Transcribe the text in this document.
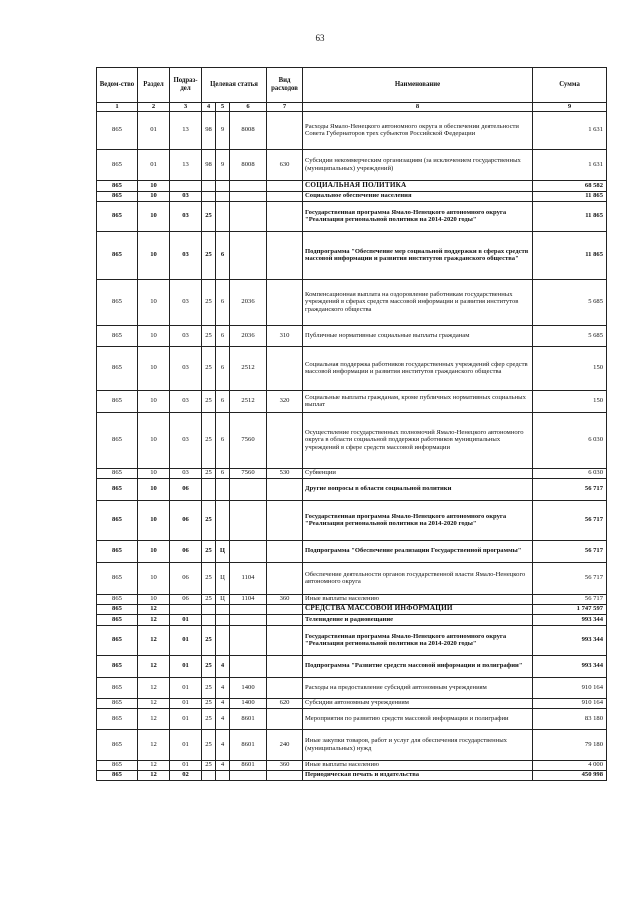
63
Ведом-ство	Раздел	Подраз-дел	Целевая статья			Вид расходов	Наименование	Сумма
1	2	3	4	5	6	7	8	9
865	01	13	98	9	8008		Расходы Ямало-Ненецкого автономного округа в обеспечении деятельности Совета Губернаторов трех субъектов Российской Федерации	1 631
865	01	13	98	9	8008	630	Субсидии некоммерческим организациям (за исключением государственных (муниципальных) учреждений)	1 631
865	10						СОЦИАЛЬНАЯ ПОЛИТИКА	68 582
865	10	03					Социальное обеспечение населения	11 865
865	10	03	25				Государственная программа Ямало-Ненецкого автономного округа "Реализация региональной политики на 2014-2020 годы"	11 865
865	10	03	25	6			Подпрограмма "Обеспечение мер социальной поддержки в сферах средств массовой информации и развития институтов гражданского общества"	11 865
865	10	03	25	6	2036		Компенсационная выплата на оздоровление работникам государственных учреждений в сферах средств массовой информации и развития институтов гражданского общества	5 685
865	10	03	25	6	2036	310	Публичные нормативные социальные выплаты гражданам	5 685
865	10	03	25	6	2512		Социальная поддержка работников государственных учреждений сфер средств массовой информации и развития институтов гражданского общества	150
865	10	03	25	6	2512	320	Социальные выплаты гражданам, кроме публичных нормативных социальных выплат	150
865	10	03	25	6	7560		Осуществление государственных полномочий Ямало-Ненецкого автономного округа в области социальной поддержки работников муниципальных учреждений в сфере средств массовой информации	6 030
865	10	03	25	6	7560	530	Субвенции	6 030
865	10	06					Другие вопросы в области социальной политики	56 717
865	10	06	25				Государственная программа Ямало-Ненецкого автономного округа "Реализация региональной политики на 2014-2020 годы"	56 717
865	10	06	25	Ц			Подпрограмма "Обеспечение реализации Государственной программы"	56 717
865	10	06	25	Ц	1104		Обеспечение деятельности органов государственной власти Ямало-Ненецкого автономного округа	56 717
865	10	06	25	Ц	1104	360	Иные выплаты населению	56 717
865	12						СРЕДСТВА МАССОВОЙ ИНФОРМАЦИИ	1 747 597
865	12	01					Телевидение и радиовещание	993 344
865	12	01	25				Государственная программа Ямало-Ненецкого автономного округа "Реализация региональной политики на 2014-2020 годы"	993 344
865	12	01	25	4			Подпрограмма "Развитие средств массовой информации и полиграфии"	993 344
865	12	01	25	4	1400		Расходы на предоставление субсидий автономным учреждениям	910 164
865	12	01	25	4	1400	620	Субсидии автономным учреждениям	910 164
865	12	01	25	4	8601		Мероприятия по развитию средств массовой информации и полиграфии	83 180
865	12	01	25	4	8601	240	Иные закупки товаров, работ и услуг для обеспечения государственных (муниципальных) нужд	79 180
865	12	01	25	4	8601	360	Иные выплаты населению	4 000
865	12	02					Периодическая печать и издательства	450 998
